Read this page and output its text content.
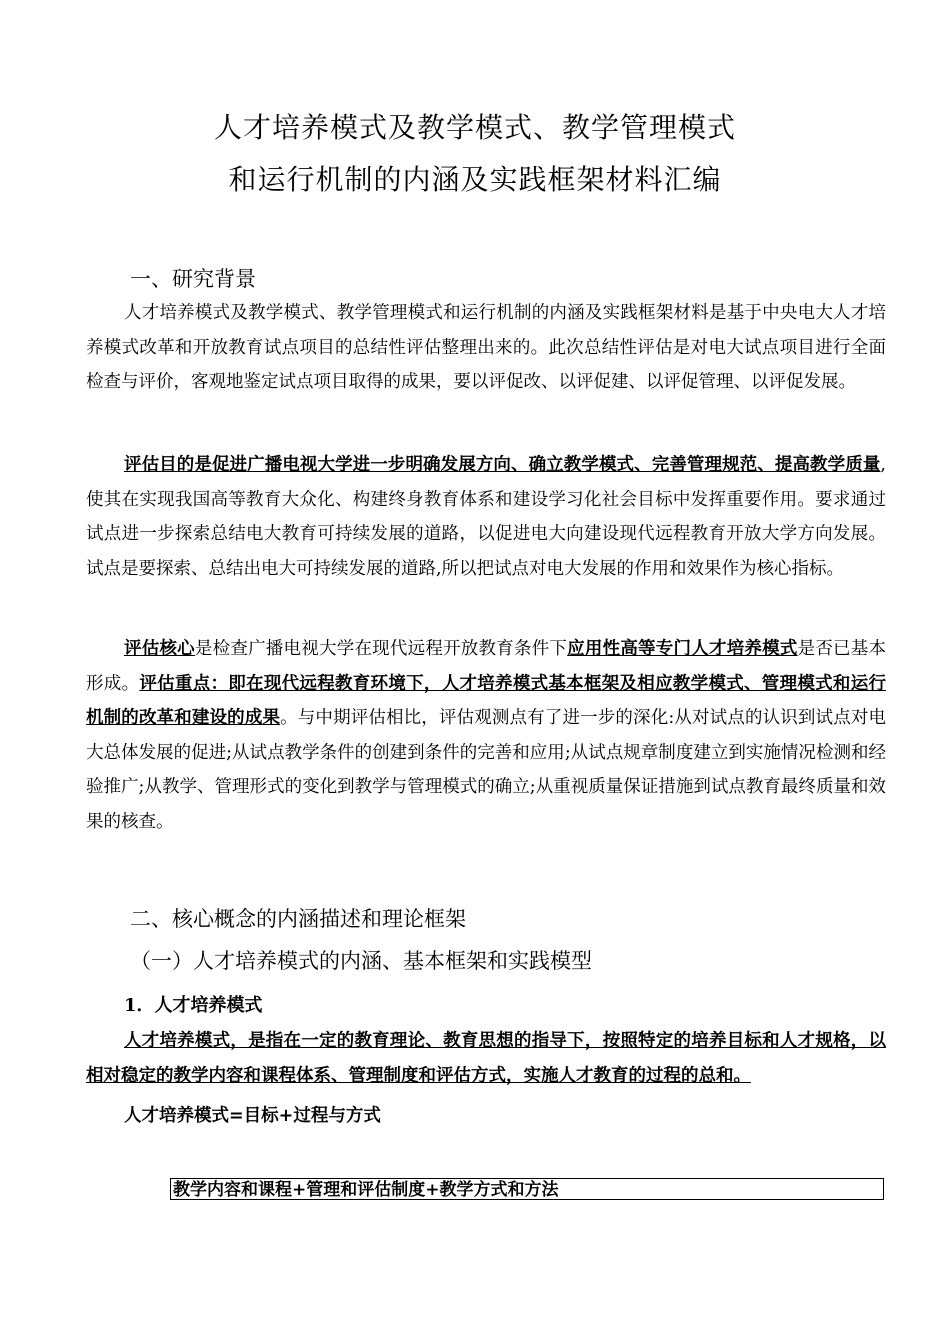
人才培养模式及教学模式、教学管理模式
和运行机制的内涵及实践框架材料汇编
一、研究背景

人才培养模式及教学模式、教学管理模式和运行机制的内涵及实践框架材料是基于中央电大人才培养模式改革和开放教育试点项目的总结性评估整理出来的。此次总结性评估是对电大试点项目进行全面检查与评价，客观地鉴定试点项目取得的成果，要以评促改、以评促建、以评促管理、以评促发展。

评估目的是促进广播电视大学进一步明确发展方向、确立教学模式、完善管理规范、提高教学质量,使其在实现我国高等教育大众化、构建终身教育体系和建设学习化社会目标中发挥重要作用。要求通过试点进一步探索总结电大教育可持续发展的道路，以促进电大向建设现代远程教育开放大学方向发展。试点是要探索、总结出电大可持续发展的道路,所以把试点对电大发展的作用和效果作为核心指标。

评估核心是检查广播电视大学在现代远程开放教育条件下应用性高等专门人才培养模式是否已基本形成。评估重点：即在现代远程教育环境下，人才培养模式基本框架及相应教学模式、管理模式和运行机制的改革和建设的成果。与中期评估相比，评估观测点有了进一步的深化:从对试点的认识到试点对电大总体发展的促进;从试点教学条件的创建到条件的完善和应用;从试点规章制度建立到实施情况检测和经验推广;从教学、管理形式的变化到教学与管理模式的确立;从重视质量保证措施到试点教育最终质量和效果的核查。

二、核心概念的内涵描述和理论框架
（一）人才培养模式的内涵、基本框架和实践模型
1．人才培养模式

人才培养模式，是指在一定的教育理论、教育思想的指导下，按照特定的培养目标和人才规格，以相对稳定的教学内容和课程体系、管理制度和评估方式，实施人才教育的过程的总和。

人才培养模式=目标+过程与方式
教学内容和课程+管理和评估制度+教学方式和方法
